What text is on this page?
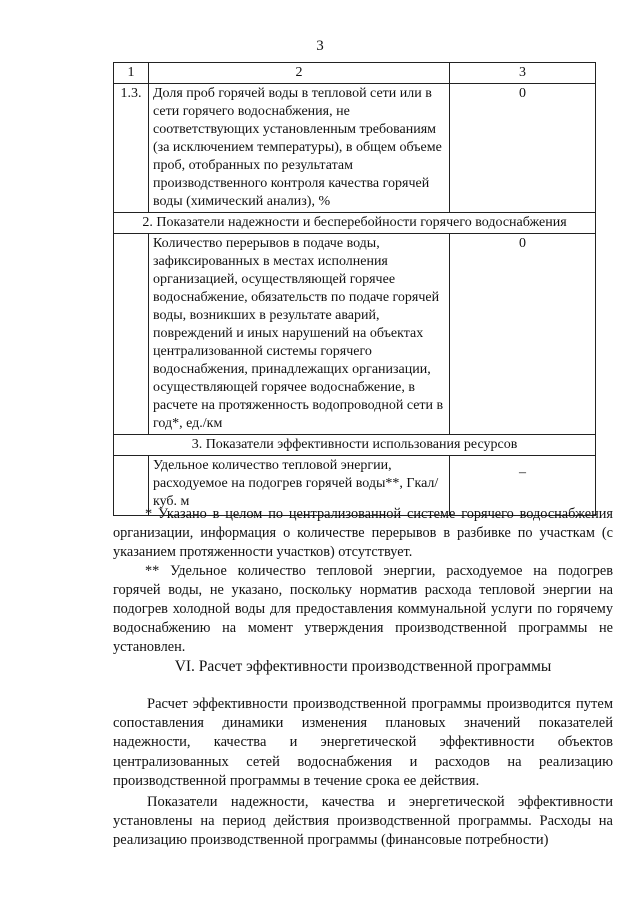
3
1	2	3
1.3.	Доля проб горячей воды в тепловой сети или в сети горячего водоснабжения, не соответствующих установленным требованиям (за исключением температуры), в общем объеме проб, отобранных по результатам производственного контроля качества горячей воды (химический анализ), %	0
2. Показатели надежности и бесперебойности горячего водоснабжения		
	Количество перерывов в подаче воды, зафиксированных в местах исполнения организацией, осуществляющей горячее водоснабжение, обязательств по подаче горячей воды, возникших в результате аварий, повреждений и иных нарушений на объектах централизованной системы горячего водоснабжения, принадлежащих организации, осуществляющей горячее водоснабжение, в расчете на протяженность водопроводной сети в год*, ед./км	0
3. Показатели эффективности использования ресурсов		
	Удельное количество тепловой энергии, расходуемое на подогрев горячей воды**, Гкал/ куб. м	–

* Указано в целом по централизованной системе горячего водоснабжения организации, информация о количестве перерывов в разбивке по участкам (с указанием протяженности участков) отсутствует.

** Удельное количество тепловой энергии, расходуемое на подогрев горячей воды, не указано, поскольку норматив расхода тепловой энергии на подогрев холодной воды для предоставления коммунальной услуги по горячему водоснабжению на момент утверждения производственной программы не установлен.

VI. Расчет эффективности производственной программы

Расчет эффективности производственной программы производится путем сопоставления динамики изменения плановых значений показателей надежности, качества и энергетической эффективности объектов централизованных сетей водоснабжения и расходов на реализацию производственной программы в течение срока ее действия.

Показатели надежности, качества и энергетической эффективности установлены на период действия производственной программы. Расходы на реализацию производственной программы (финансовые потребности)
